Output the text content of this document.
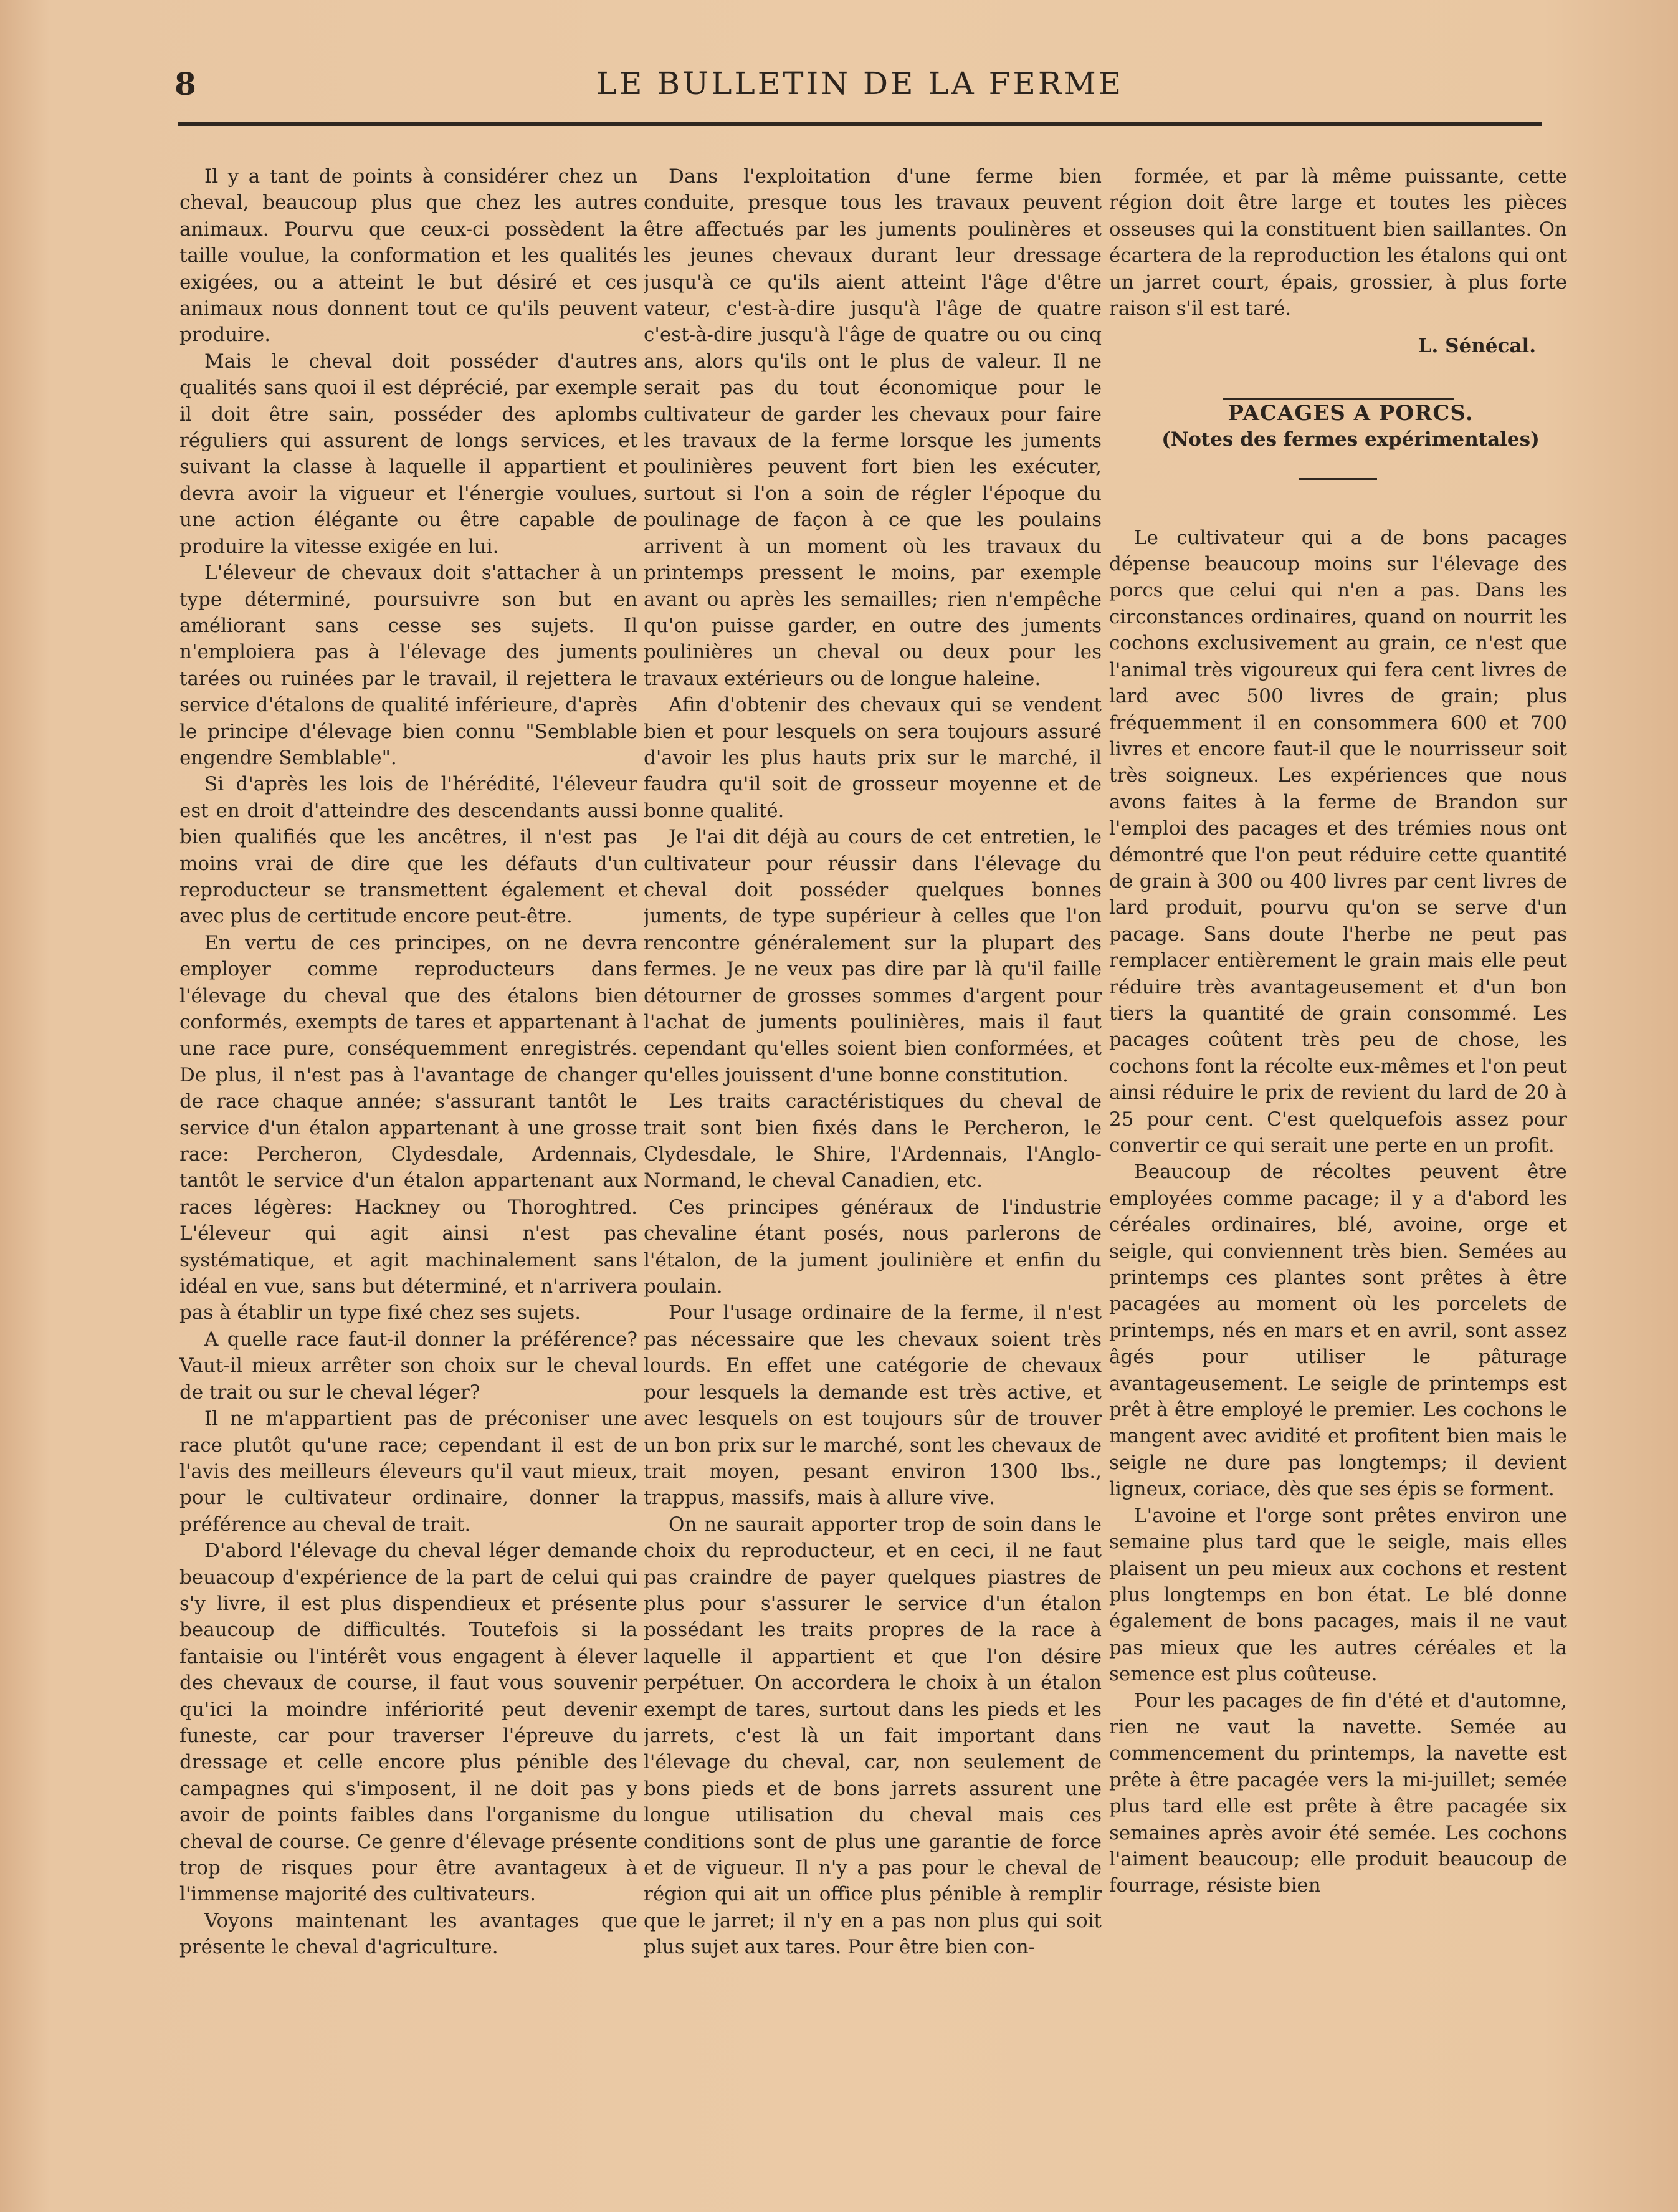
8	LE BULLETIN DE LA FERME

Il y a tant de points à considérer chez un cheval, beaucoup plus que chez les autres animaux. Pourvu que ceux-ci possèdent la taille voulue, la conformation et les qualités exigées, ou a atteint le but désiré et ces animaux nous donnent tout ce qu'ils peuvent produire.

Mais le cheval doit posséder d'autres qualités sans quoi il est déprécié, par exemple il doit être sain, posséder des aplombs réguliers qui assurent de longs services, et suivant la classe à laquelle il appartient et devra avoir la vigueur et l'énergie voulues, une action élégante ou être capable de produire la vitesse exigée en lui.

L'éleveur de chevaux doit s'attacher à un type déterminé, poursuivre son but en améliorant sans cesse ses sujets. Il n'emploiera pas à l'élevage des juments tarées ou ruinées par le travail, il rejettera le service d'étalons de qualité inférieure, d'après le principe d'élevage bien connu "Semblable engendre Semblable".

Si d'après les lois de l'hérédité, l'éleveur est en droit d'atteindre des descendants aussi bien qualifiés que les ancêtres, il n'est pas moins vrai de dire que les défauts d'un reproducteur se transmettent également et avec plus de certitude encore peut-être.

En vertu de ces principes, on ne devra employer comme reproducteurs dans l'élevage du cheval que des étalons bien conformés, exempts de tares et appartenant à une race pure, conséquemment enregistrés. De plus, il n'est pas à l'avantage de changer de race chaque année; s'assurant tantôt le service d'un étalon appartenant à une grosse race: Percheron, Clydesdale, Ardennais, tantôt le service d'un étalon appartenant aux races légères: Hackney ou Thoroghtred. L'éleveur qui agit ainsi n'est pas systématique, et agit machinalement sans idéal en vue, sans but déterminé, et n'arrivera pas à établir un type fixé chez ses sujets.

A quelle race faut-il donner la préférence? Vaut-il mieux arrêter son choix sur le cheval de trait ou sur le cheval léger?

Il ne m'appartient pas de préconiser une race plutôt qu'une race; cependant il est de l'avis des meilleurs éleveurs qu'il vaut mieux, pour le cultivateur ordinaire, donner la préférence au cheval de trait.

D'abord l'élevage du cheval léger demande beuacoup d'expérience de la part de celui qui s'y livre, il est plus dispendieux et présente beaucoup de difficultés. Toutefois si la fantaisie ou l'intérêt vous engagent à élever des chevaux de course, il faut vous souvenir qu'ici la moindre infériorité peut devenir funeste, car pour traverser l'épreuve du dressage et celle encore plus pénible des campagnes qui s'imposent, il ne doit pas y avoir de points faibles dans l'organisme du cheval de course. Ce genre d'élevage présente trop de risques pour être avantageux à l'immense majorité des cultivateurs.

Voyons maintenant les avantages que présente le cheval d'agriculture.

Dans l'exploitation d'une ferme bien conduite, presque tous les travaux peuvent être affectués par les juments poulinères et les jeunes chevaux durant leur dressage jusqu'à ce qu'ils aient atteint l'âge d'être vateur, c'est-à-dire jusqu'à l'âge de quatre c'est-à-dire jusqu'à l'âge de quatre ou ou cinq ans, alors qu'ils ont le plus de valeur. Il ne serait pas du tout économique pour le cultivateur de garder les chevaux pour faire les travaux de la ferme lorsque les juments poulinières peuvent fort bien les exécuter, surtout si l'on a soin de régler l'époque du poulinage de façon à ce que les poulains arrivent à un moment où les travaux du printemps pressent le moins, par exemple avant ou après les semailles; rien n'empêche qu'on puisse garder, en outre des juments poulinières un cheval ou deux pour les travaux extérieurs ou de longue haleine.

Afin d'obtenir des chevaux qui se vendent bien et pour lesquels on sera toujours assuré d'avoir les plus hauts prix sur le marché, il faudra qu'il soit de grosseur moyenne et de bonne qualité.

Je l'ai dit déjà au cours de cet entretien, le cultivateur pour réussir dans l'élevage du cheval doit posséder quelques bonnes juments, de type supérieur à celles que l'on rencontre généralement sur la plupart des fermes. Je ne veux pas dire par là qu'il faille détourner de grosses sommes d'argent pour l'achat de juments poulinières, mais il faut cependant qu'elles soient bien conformées, et qu'elles jouissent d'une bonne constitution.

Les traits caractéristiques du cheval de trait sont bien fixés dans le Percheron, le Clydesdale, le Shire, l'Ardennais, l'Anglo-Normand, le cheval Canadien, etc.

Ces principes généraux de l'industrie chevaline étant posés, nous parlerons de l'étalon, de la jument joulinière et enfin du poulain.

Pour l'usage ordinaire de la ferme, il n'est pas nécessaire que les chevaux soient très lourds. En effet une catégorie de chevaux pour lesquels la demande est très active, et avec lesquels on est toujours sûr de trouver un bon prix sur le marché, sont les chevaux de trait moyen, pesant environ 1300 lbs., trappus, massifs, mais à allure vive.

On ne saurait apporter trop de soin dans le choix du reproducteur, et en ceci, il ne faut pas craindre de payer quelques piastres de plus pour s'assurer le service d'un étalon possédant les traits propres de la race à laquelle il appartient et que l'on désire perpétuer. On accordera le choix à un étalon exempt de tares, surtout dans les pieds et les jarrets, c'est là un fait important dans l'élevage du cheval, car, non seulement de bons pieds et de bons jarrets assurent une longue utilisation du cheval mais ces conditions sont de plus une garantie de force et de vigueur. Il n'y a pas pour le cheval de région qui ait un office plus pénible à remplir que le jarret; il n'y en a pas non plus qui soit plus sujet aux tares. Pour être bien con-

formée, et par là même puissante, cette région doit être large et toutes les pièces osseuses qui la constituent bien saillantes. On écartera de la reproduction les étalons qui ont un jarret court, épais, grossier, à plus forte raison s'il est taré.

L. Sénécal.

PACAGES A PORCS.

(Notes des fermes expérimentales)

Le cultivateur qui a de bons pacages dépense beaucoup moins sur l'élevage des porcs que celui qui n'en a pas. Dans les circonstances ordinaires, quand on nourrit les cochons exclusivement au grain, ce n'est que l'animal très vigoureux qui fera cent livres de lard avec 500 livres de grain; plus fréquemment il en consommera 600 et 700 livres et encore faut-il que le nourrisseur soit très soigneux. Les expériences que nous avons faites à la ferme de Brandon sur l'emploi des pacages et des trémies nous ont démontré que l'on peut réduire cette quantité de grain à 300 ou 400 livres par cent livres de lard produit, pourvu qu'on se serve d'un pacage. Sans doute l'herbe ne peut pas remplacer entièrement le grain mais elle peut réduire très avantageusement et d'un bon tiers la quantité de grain consommé. Les pacages coûtent très peu de chose, les cochons font la récolte eux-mêmes et l'on peut ainsi réduire le prix de revient du lard de 20 à 25 pour cent. C'est quelquefois assez pour convertir ce qui serait une perte en un profit.

Beaucoup de récoltes peuvent être employées comme pacage; il y a d'abord les céréales ordinaires, blé, avoine, orge et seigle, qui conviennent très bien. Semées au printemps ces plantes sont prêtes à être pacagées au moment où les porcelets de printemps, nés en mars et en avril, sont assez âgés pour utiliser le pâturage avantageusement. Le seigle de printemps est prêt à être employé le premier. Les cochons le mangent avec avidité et profitent bien mais le seigle ne dure pas longtemps; il devient ligneux, coriace, dès que ses épis se forment.

L'avoine et l'orge sont prêtes environ une semaine plus tard que le seigle, mais elles plaisent un peu mieux aux cochons et restent plus longtemps en bon état. Le blé donne également de bons pacages, mais il ne vaut pas mieux que les autres céréales et la semence est plus coûteuse.

Pour les pacages de fin d'été et d'automne, rien ne vaut la navette. Semée au commencement du printemps, la navette est prête à être pacagée vers la mi-juillet; semée plus tard elle est prête à être pacagée six semaines après avoir été semée. Les cochons l'aiment beaucoup; elle produit beaucoup de fourrage, résiste bien
